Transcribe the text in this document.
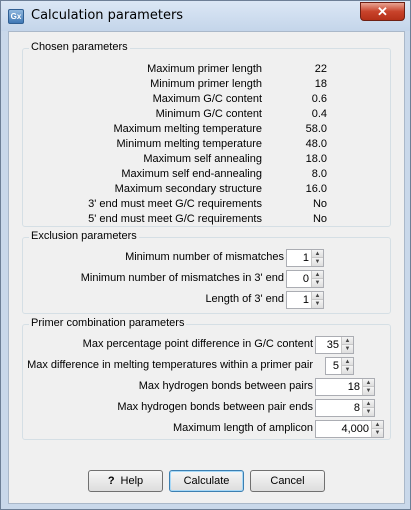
Gx Calculation parameters	✕
Chosen parameters
Maximum primer length	22
Minimum primer length	18
Maximum G/C content	0.6
Minimum G/C content	0.4
Maximum melting temperature	58.0
Minimum melting temperature	48.0
Maximum self annealing	18.0
Maximum self end-annealing	8.0
Maximum secondary structure	16.0
3' end must meet G/C requirements	No
5' end must meet G/C requirements	No
Exclusion parameters
Minimum number of mismatches	1 ▲
▼
Minimum number of mismatches in 3' end	0 ▲
▼
Length of 3' end	1 ▲
▼
Primer combination parameters
Max percentage point difference in G/C content	35 ▲
▼
Max difference in melting temperatures within a primer pair	5 ▲
▼
Max hydrogen bonds between pairs	18 ▲
▼
Max hydrogen bonds between pair ends	8 ▲
▼
Maximum length of amplicon	4,000 ▲
▼
? Help	Calculate	Cancel
